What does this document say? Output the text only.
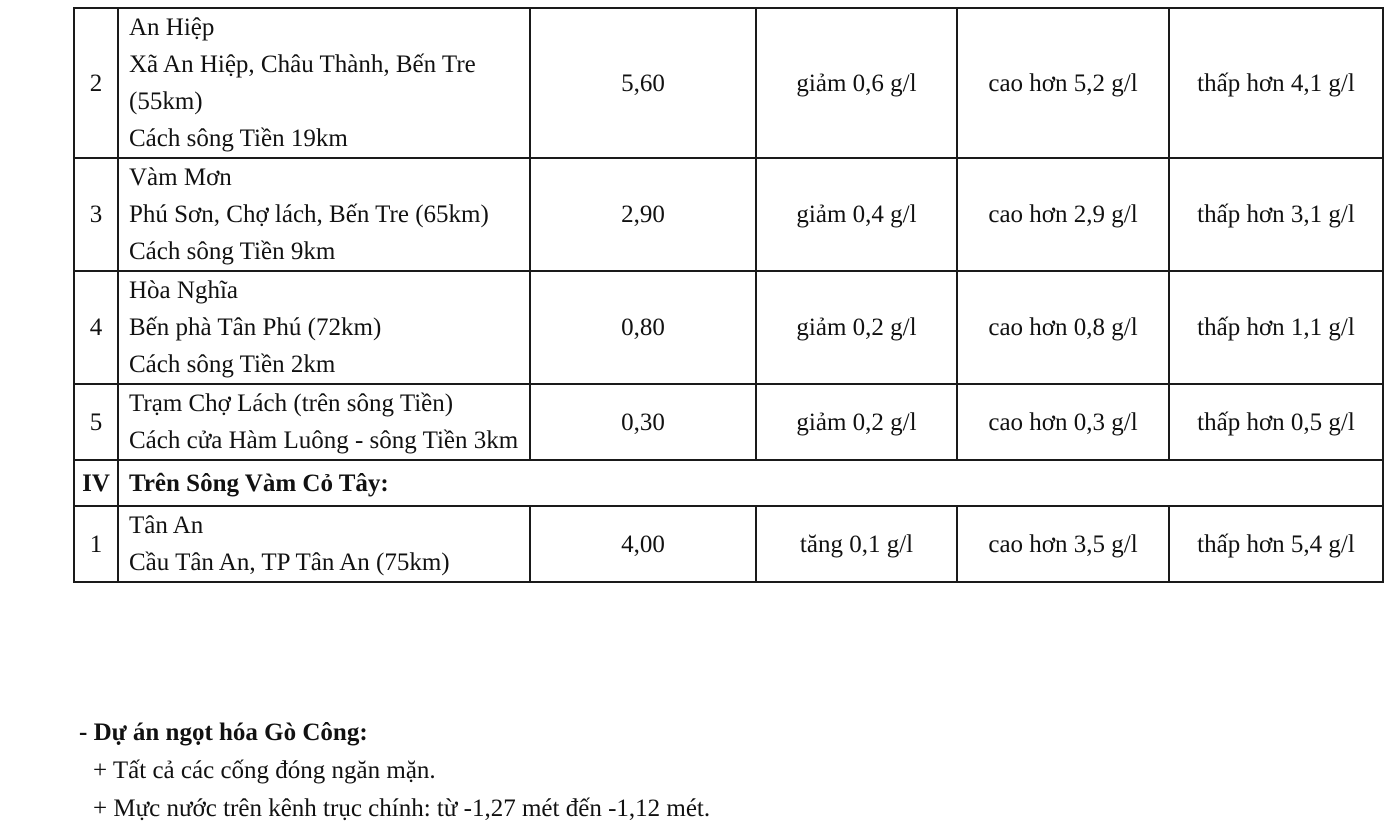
2	An Hiệp
Xã An Hiệp, Châu Thành, Bến Tre (55km)
Cách sông Tiền 19km	5,60	giảm 0,6 g/l	cao hơn 5,2 g/l	thấp hơn 4,1 g/l
3	Vàm Mơn
Phú Sơn, Chợ lách, Bến Tre (65km)
Cách sông Tiền 9km	2,90	giảm 0,4 g/l	cao hơn 2,9 g/l	thấp hơn 3,1 g/l
4	Hòa Nghĩa
Bến phà Tân Phú (72km)
Cách sông Tiền 2km	0,80	giảm 0,2 g/l	cao hơn 0,8 g/l	thấp hơn 1,1 g/l
5	Trạm Chợ Lách (trên sông Tiền)
Cách cửa Hàm Luông - sông Tiền 3km	0,30	giảm 0,2 g/l	cao hơn 0,3 g/l	thấp hơn 0,5 g/l
IV	Trên Sông Vàm Cỏ Tây:				
1	Tân An
Cầu Tân An, TP Tân An (75km)	4,00	tăng 0,1 g/l	cao hơn 3,5 g/l	thấp hơn 5,4 g/l
- Dự án ngọt hóa Gò Công:
+ Tất cả các cống đóng ngăn mặn.
+ Mực nước trên kênh trục chính: từ -1,27 mét đến -1,12 mét.
